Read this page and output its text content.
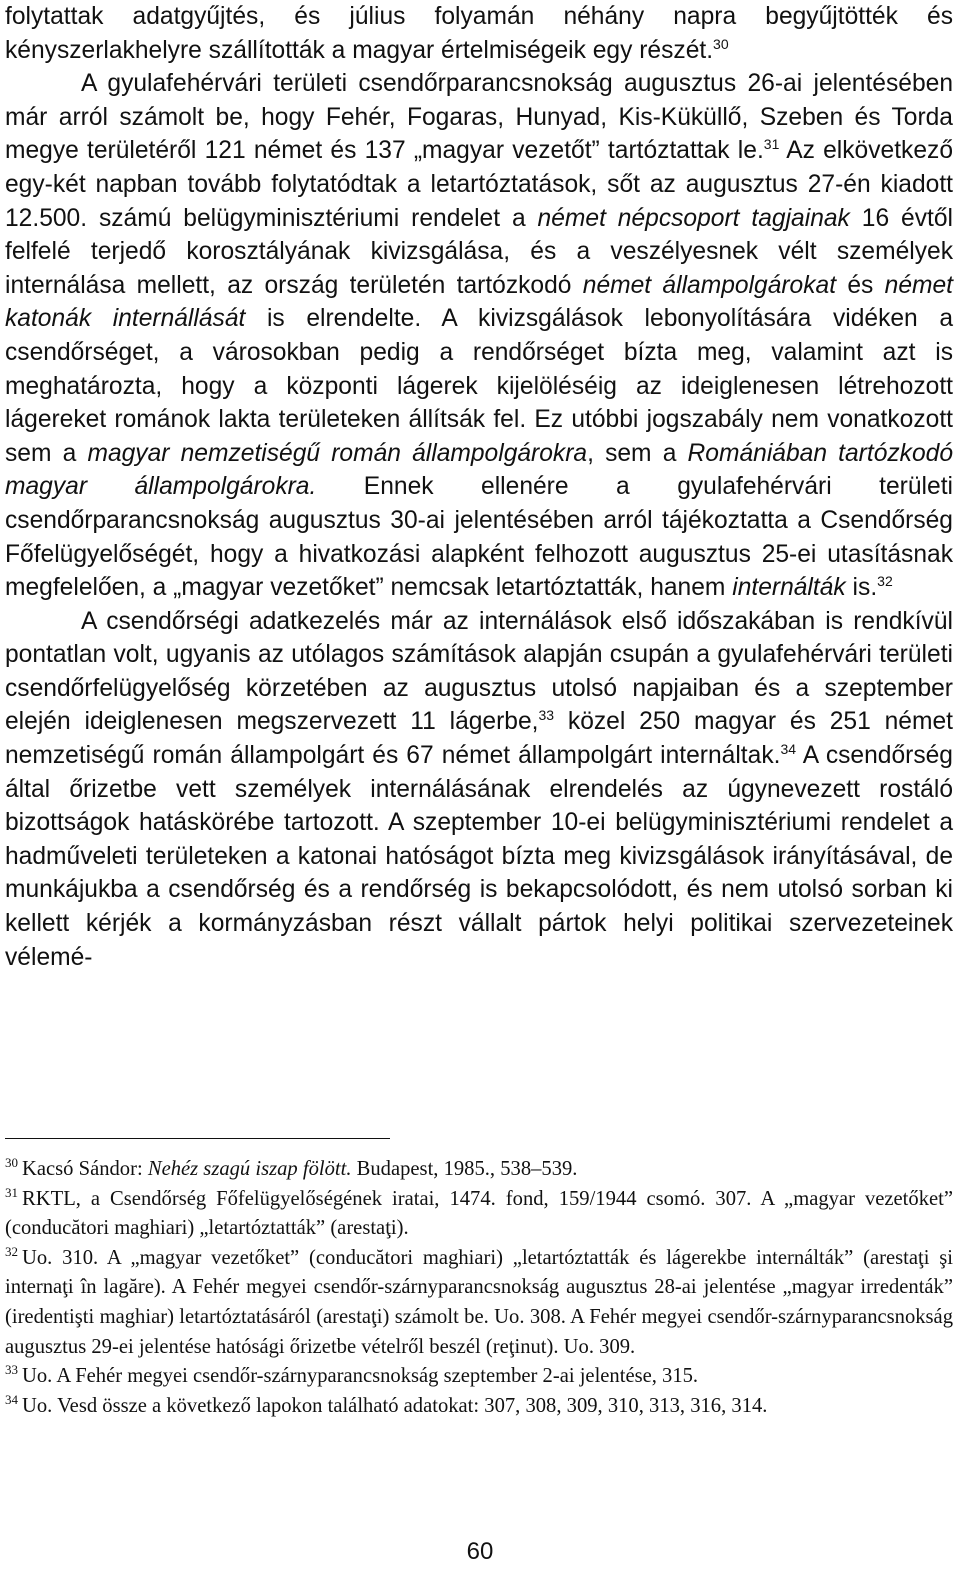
folytattak adatgyűjtés, és július folyamán néhány napra begyűjtötték és kényszerlakhelyre szállították a magyar értelmiségeik egy részét.$^{30}$

A gyulafehérvári területi csendőrparancsnokság augusztus 26-ai jelentésében már arról számolt be, hogy Fehér, Fogaras, Hunyad, Kis-Küküllő, Szeben és Torda megye területéről 121 német és 137 „magyar vezetőt” tartóztattak le.$^{31}$ Az elkövetkező egy-két napban tovább folytatódtak a letartóztatások, sőt az augusztus 27-én kiadott 12.500. számú belügyminisztériumi rendelet a német népcsoport tagjainak 16 évtől felfelé terjedő korosztályának kivizsgálása, és a veszélyesnek vélt személyek internálása mellett, az ország területén tartózkodó német állampolgárokat és német katonák internállását is elrendelte. A kivizsgálások lebonyolítására vidéken a csendőrséget, a városokban pedig a rendőrséget bízta meg, valamint azt is meghatározta, hogy a központi lágerek kijelöléséig az ideiglenesen létrehozott lágereket románok lakta területeken állítsák fel. Ez utóbbi jogszabály nem vonatkozott sem a magyar nemzetiségű román állampolgárokra, sem a Romániában tartózkodó magyar állampolgárokra. Ennek ellenére a gyulafehérvári területi csendőrparancsnokság augusztus 30-ai jelentésében arról tájékoztatta a Csendőrség Főfelügyelőségét, hogy a hivatkozási alapként felhozott augusztus 25-ei utasításnak megfelelően, a „magyar vezetőket” nemcsak letartóztatták, hanem internálták is.$^{32}$

A csendőrségi adatkezelés már az internálások első időszakában is rendkívül pontatlan volt, ugyanis az utólagos számítások alapján csupán a gyulafehérvári területi csendőrfelügyelőség körzetében az augusztus utolsó napjaiban és a szeptember elején ideiglenesen megszervezett 11 lágerbe,$^{33}$ közel 250 magyar és 251 német nemzetiségű román állampolgárt és 67 német állampolgárt internáltak.$^{34}$ A csendőrség által őrizetbe vett személyek internálásának elrendelés az úgynevezett rostáló bizottságok hatáskörébe tartozott. A szeptember 10-ei belügyminisztériumi rendelet a hadműveleti területeken a katonai hatóságot bízta meg kivizsgálások irányításával, de munkájukba a csendőrség és a rendőrség is bekapcsolódott, és nem utolsó sorban ki kellett kérjék a kormányzásban részt vállalt pártok helyi politikai szervezeteinek vélemé-

$^{30}$ Kacsó Sándor: Nehéz szagú iszap fölött. Budapest, 1985., 538–539.

$^{31}$ RKTL, a Csendőrség Főfelügyelőségének iratai, 1474. fond, 159/1944 csomó. 307. A „magyar vezetőket” (conducători maghiari) „letartóztatták” (arestaţi).

$^{32}$ Uo. 310. A „magyar vezetőket” (conducători maghiari) „letartóztatták és lágerekbe internálták” (arestaţi şi internaţi în lagăre). A Fehér megyei csendőr-szárnyparancsnokság augusztus 28-ai jelentése „magyar irredenták” (iredentişti maghiar) letartóztatásáról (arestaţi) számolt be. Uo. 308. A Fehér megyei csendőr-szárnyparancsnokság augusztus 29-ei jelentése hatósági őrizetbe vételről beszél (reţinut). Uo. 309.

$^{33}$ Uo. A Fehér megyei csendőr-szárnyparancsnokság szeptember 2-ai jelentése, 315.

$^{34}$ Uo. Vesd össze a következő lapokon található adatokat: 307, 308, 309, 310, 313, 316, 314.

60
